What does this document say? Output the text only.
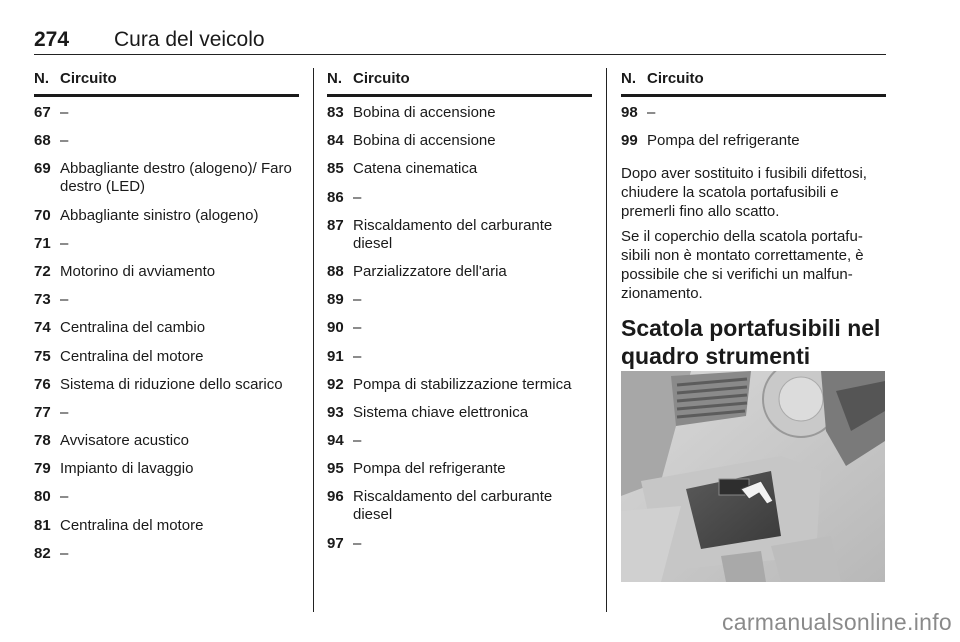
274 Cura del veicolo
N. Circuito
67 –
68 –
69 Abbagliante destro (alogeno)/ Faro destro (LED)
70 Abbagliante sinistro (alogeno)
71 –
72 Motorino di avviamento
73 –
74 Centralina del cambio
75 Centralina del motore
76 Sistema di riduzione dello scarico
77 –
78 Avvisatore acustico
79 Impianto di lavaggio
80 –
81 Centralina del motore
82 –
N. Circuito
83 Bobina di accensione
84 Bobina di accensione
85 Catena cinematica
86 –
87 Riscaldamento del carburante diesel
88 Parzializzatore dell'aria
89 –
90 –
91 –
92 Pompa di stabilizzazione termica
93 Sistema chiave elettronica
94 –
95 Pompa del refrigerante
96 Riscaldamento del carburante diesel
97 –
N. Circuito
98 –
99 Pompa del refrigerante

Dopo aver sostituito i fusibili difettosi, chiudere la scatola portafusibili e premerli fino allo scatto.

Se il coperchio della scatola portafusibili non è montato correttamente, è possibile che si verifichi un malfunzionamento.

Scatola portafusibili nel quadro strumenti
carmanualsonline.info
